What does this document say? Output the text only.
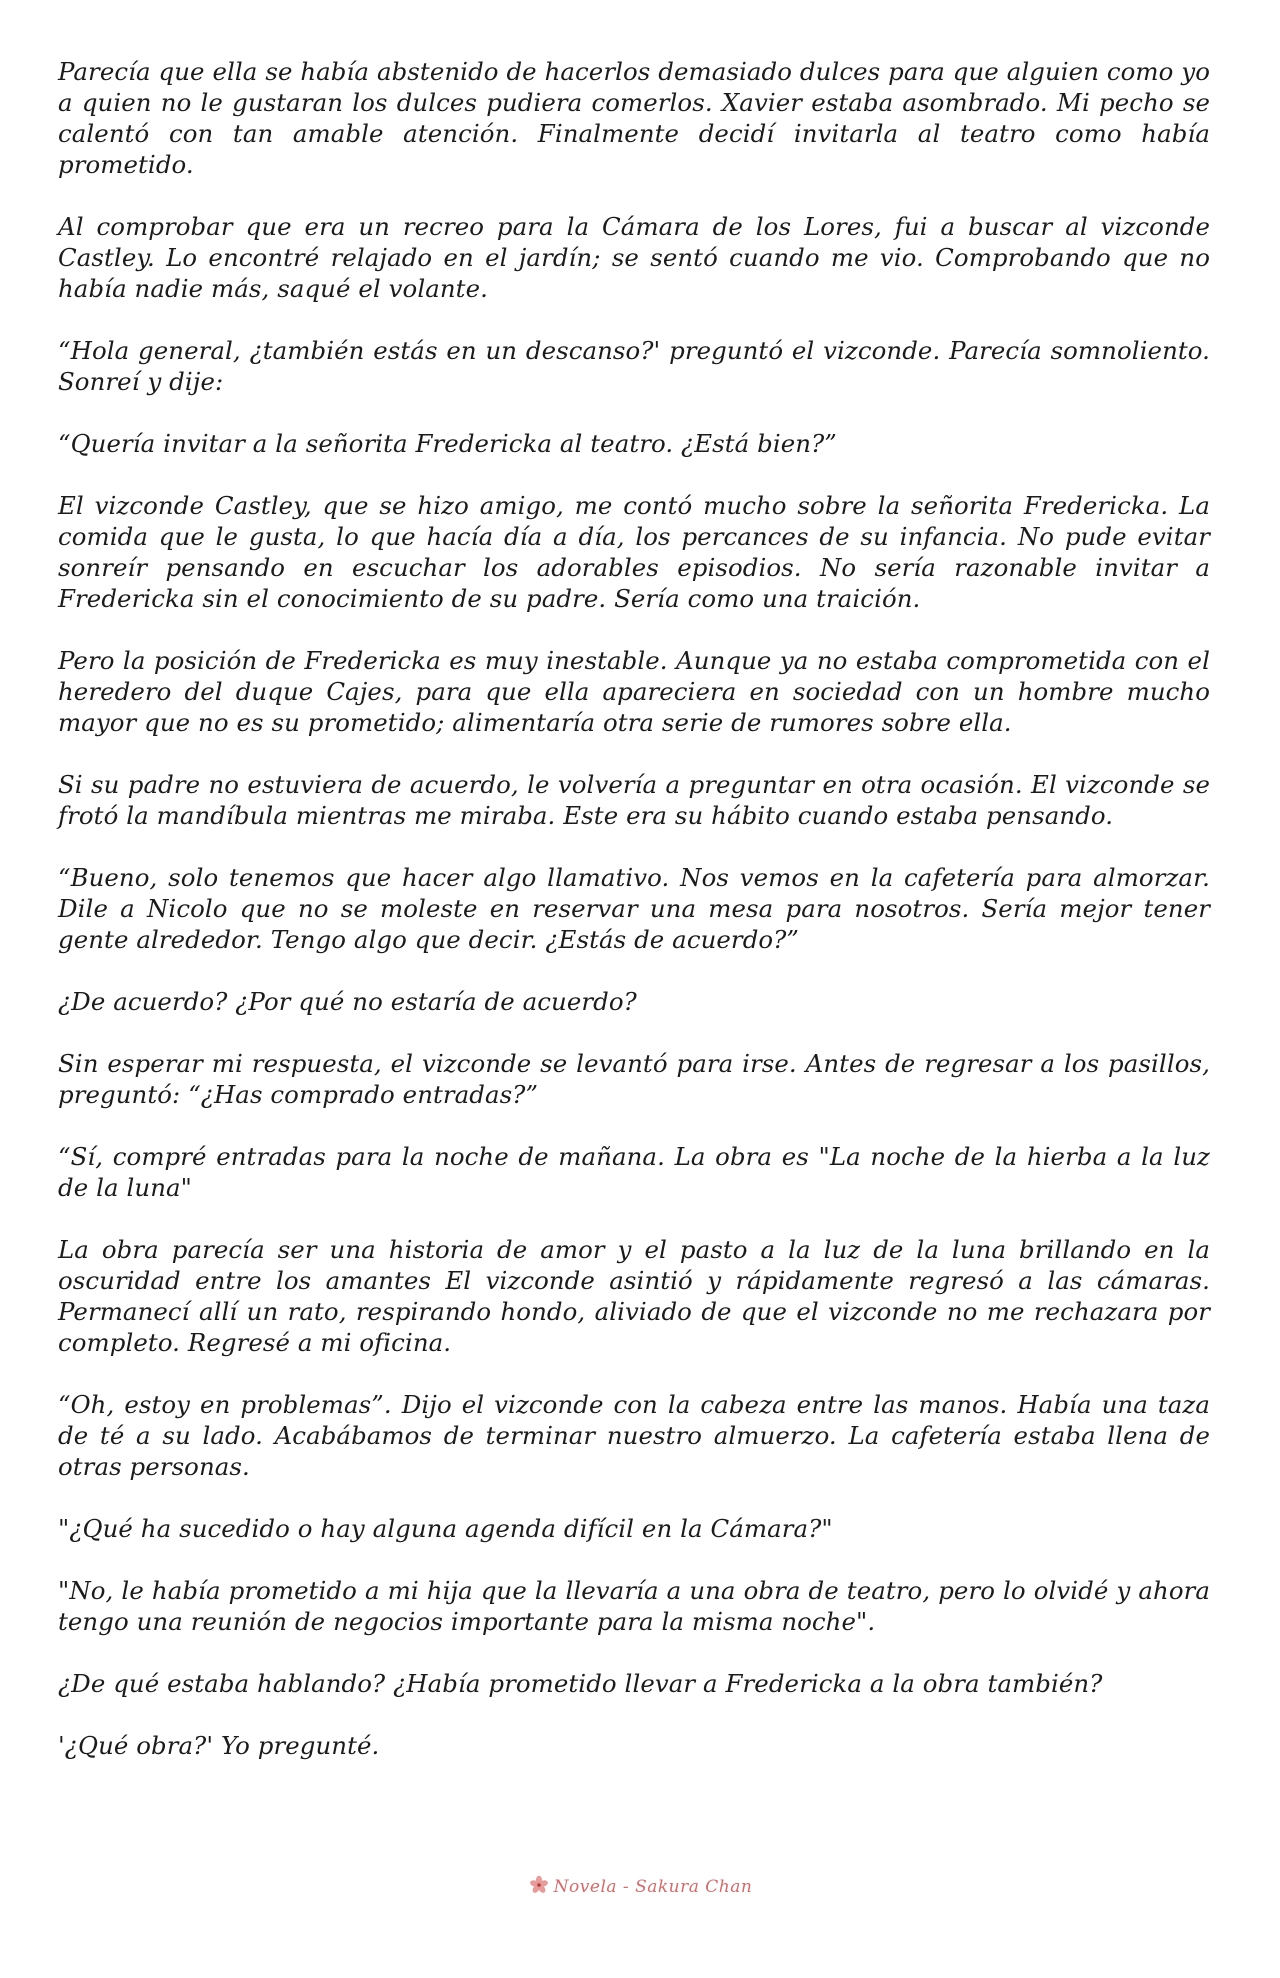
Parecía que ella se había abstenido de hacerlos demasiado dulces para que alguien como yo a quien no le gustaran los dulces pudiera comerlos. Xavier estaba asombrado. Mi pecho se calentó con tan amable atención. Finalmente decidí invitarla al teatro como había prometido.

Al comprobar que era un recreo para la Cámara de los Lores, fui a buscar al vizconde Castley. Lo encontré relajado en el jardín; se sentó cuando me vio. Comprobando que no había nadie más, saqué el volante.

“Hola general, ¿también estás en un descanso?' preguntó el vizconde. Parecía somnoliento. Sonreí y dije:

“Quería invitar a la señorita Fredericka al teatro. ¿Está bien?”

El vizconde Castley, que se hizo amigo, me contó mucho sobre la señorita Fredericka. La comida que le gusta, lo que hacía día a día, los percances de su infancia. No pude evitar sonreír pensando en escuchar los adorables episodios. No sería razonable invitar a Fredericka sin el conocimiento de su padre. Sería como una traición.

Pero la posición de Fredericka es muy inestable. Aunque ya no estaba comprometida con el heredero del duque Cajes, para que ella apareciera en sociedad con un hombre mucho mayor que no es su prometido; alimentaría otra serie de rumores sobre ella.

Si su padre no estuviera de acuerdo, le volvería a preguntar en otra ocasión. El vizconde se frotó la mandíbula mientras me miraba. Este era su hábito cuando estaba pensando.

“Bueno, solo tenemos que hacer algo llamativo. Nos vemos en la cafetería para almorzar. Dile a Nicolo que no se moleste en reservar una mesa para nosotros. Sería mejor tener gente alrededor. Tengo algo que decir. ¿Estás de acuerdo?”

¿De acuerdo? ¿Por qué no estaría de acuerdo?

Sin esperar mi respuesta, el vizconde se levantó para irse. Antes de regresar a los pasillos, preguntó: “¿Has comprado entradas?”

“Sí, compré entradas para la noche de mañana. La obra es "La noche de la hierba a la luz de la luna"

La obra parecía ser una historia de amor y el pasto a la luz de la luna brillando en la oscuridad entre los amantes El vizconde asintió y rápidamente regresó a las cámaras. Permanecí allí un rato, respirando hondo, aliviado de que el vizconde no me rechazara por completo. Regresé a mi oficina.

“Oh, estoy en problemas”. Dijo el vizconde con la cabeza entre las manos. Había una taza de té a su lado. Acabábamos de terminar nuestro almuerzo. La cafetería estaba llena de otras personas.

"¿Qué ha sucedido o hay alguna agenda difícil en la Cámara?"

"No, le había prometido a mi hija que la llevaría a una obra de teatro, pero lo olvidé y ahora tengo una reunión de negocios importante para la misma noche".

¿De qué estaba hablando? ¿Había prometido llevar a Fredericka a la obra también?

'¿Qué obra?' Yo pregunté.

Novela - Sakura Chan
